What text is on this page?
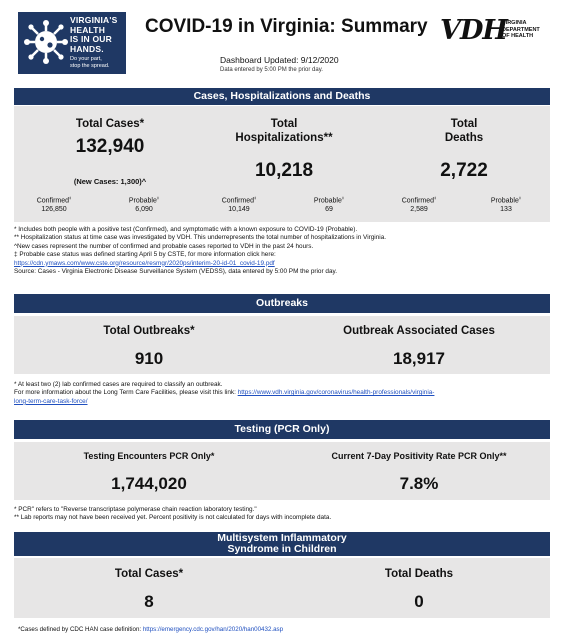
VIRGINIA'S
HEALTH
IS IN OUR
HANDS.
Do your part,
stop the spread.
COVID-19 in Virginia: Summary VDH
VIRGINIA
DEPARTMENT
OF HEALTH
Dashboard Updated: 9/12/2020
Data entered by 5:00 PM the prior day.
Cases, Hospitalizations and Deaths
Total Cases*
132,940
(New Cases: 1,300)^
Total
Hospitalizations**
10,218
Total
Deaths
2,722
Confirmed‡
126,850
Probable‡
6,090
Confirmed‡
10,149
Probable‡
69
Confirmed‡
2,589
Probable‡
133
* Includes both people with a positive test (Confirmed), and symptomatic with a known exposure to COVID-19 (Probable).
** Hospitalization status at time case was investigated by VDH. This underrepresents the total number of hospitalizations in Virginia.
^New cases represent the number of confirmed and probable cases reported to VDH in the past 24 hours.
‡ Probable case status was defined starting April 5 by CSTE, for more information click here:
https://cdn.ymaws.com/www.cste.org/resource/resmgr/2020ps/interim-20-id-01_covid-19.pdf
Source: Cases - Virginia Electronic Disease Surveillance System (VEDSS), data entered by 5:00 PM the prior day.
Outbreaks
Total Outbreaks*
910
Outbreak Associated Cases
18,917
* At least two (2) lab confirmed cases are required to classify an outbreak.
For more information about the Long Term Care Facilities, please visit this link: https://www.vdh.virginia.gov/coronavirus/health-professionals/virginia-
long-term-care-task-force/
Testing (PCR Only)
Testing Encounters PCR Only*
1,744,020
Current 7-Day Positivity Rate PCR Only**
7.8%
* PCR" refers to "Reverse transcriptase polymerase chain reaction laboratory testing."
** Lab reports may not have been received yet. Percent positivity is not calculated for days with incomplete data.
Multisystem Inflammatory
Syndrome in Children
Total Cases*
8
Total Deaths
0
*Cases defined by CDC HAN case definition: https://emergency.cdc.gov/han/2020/han00432.asp
